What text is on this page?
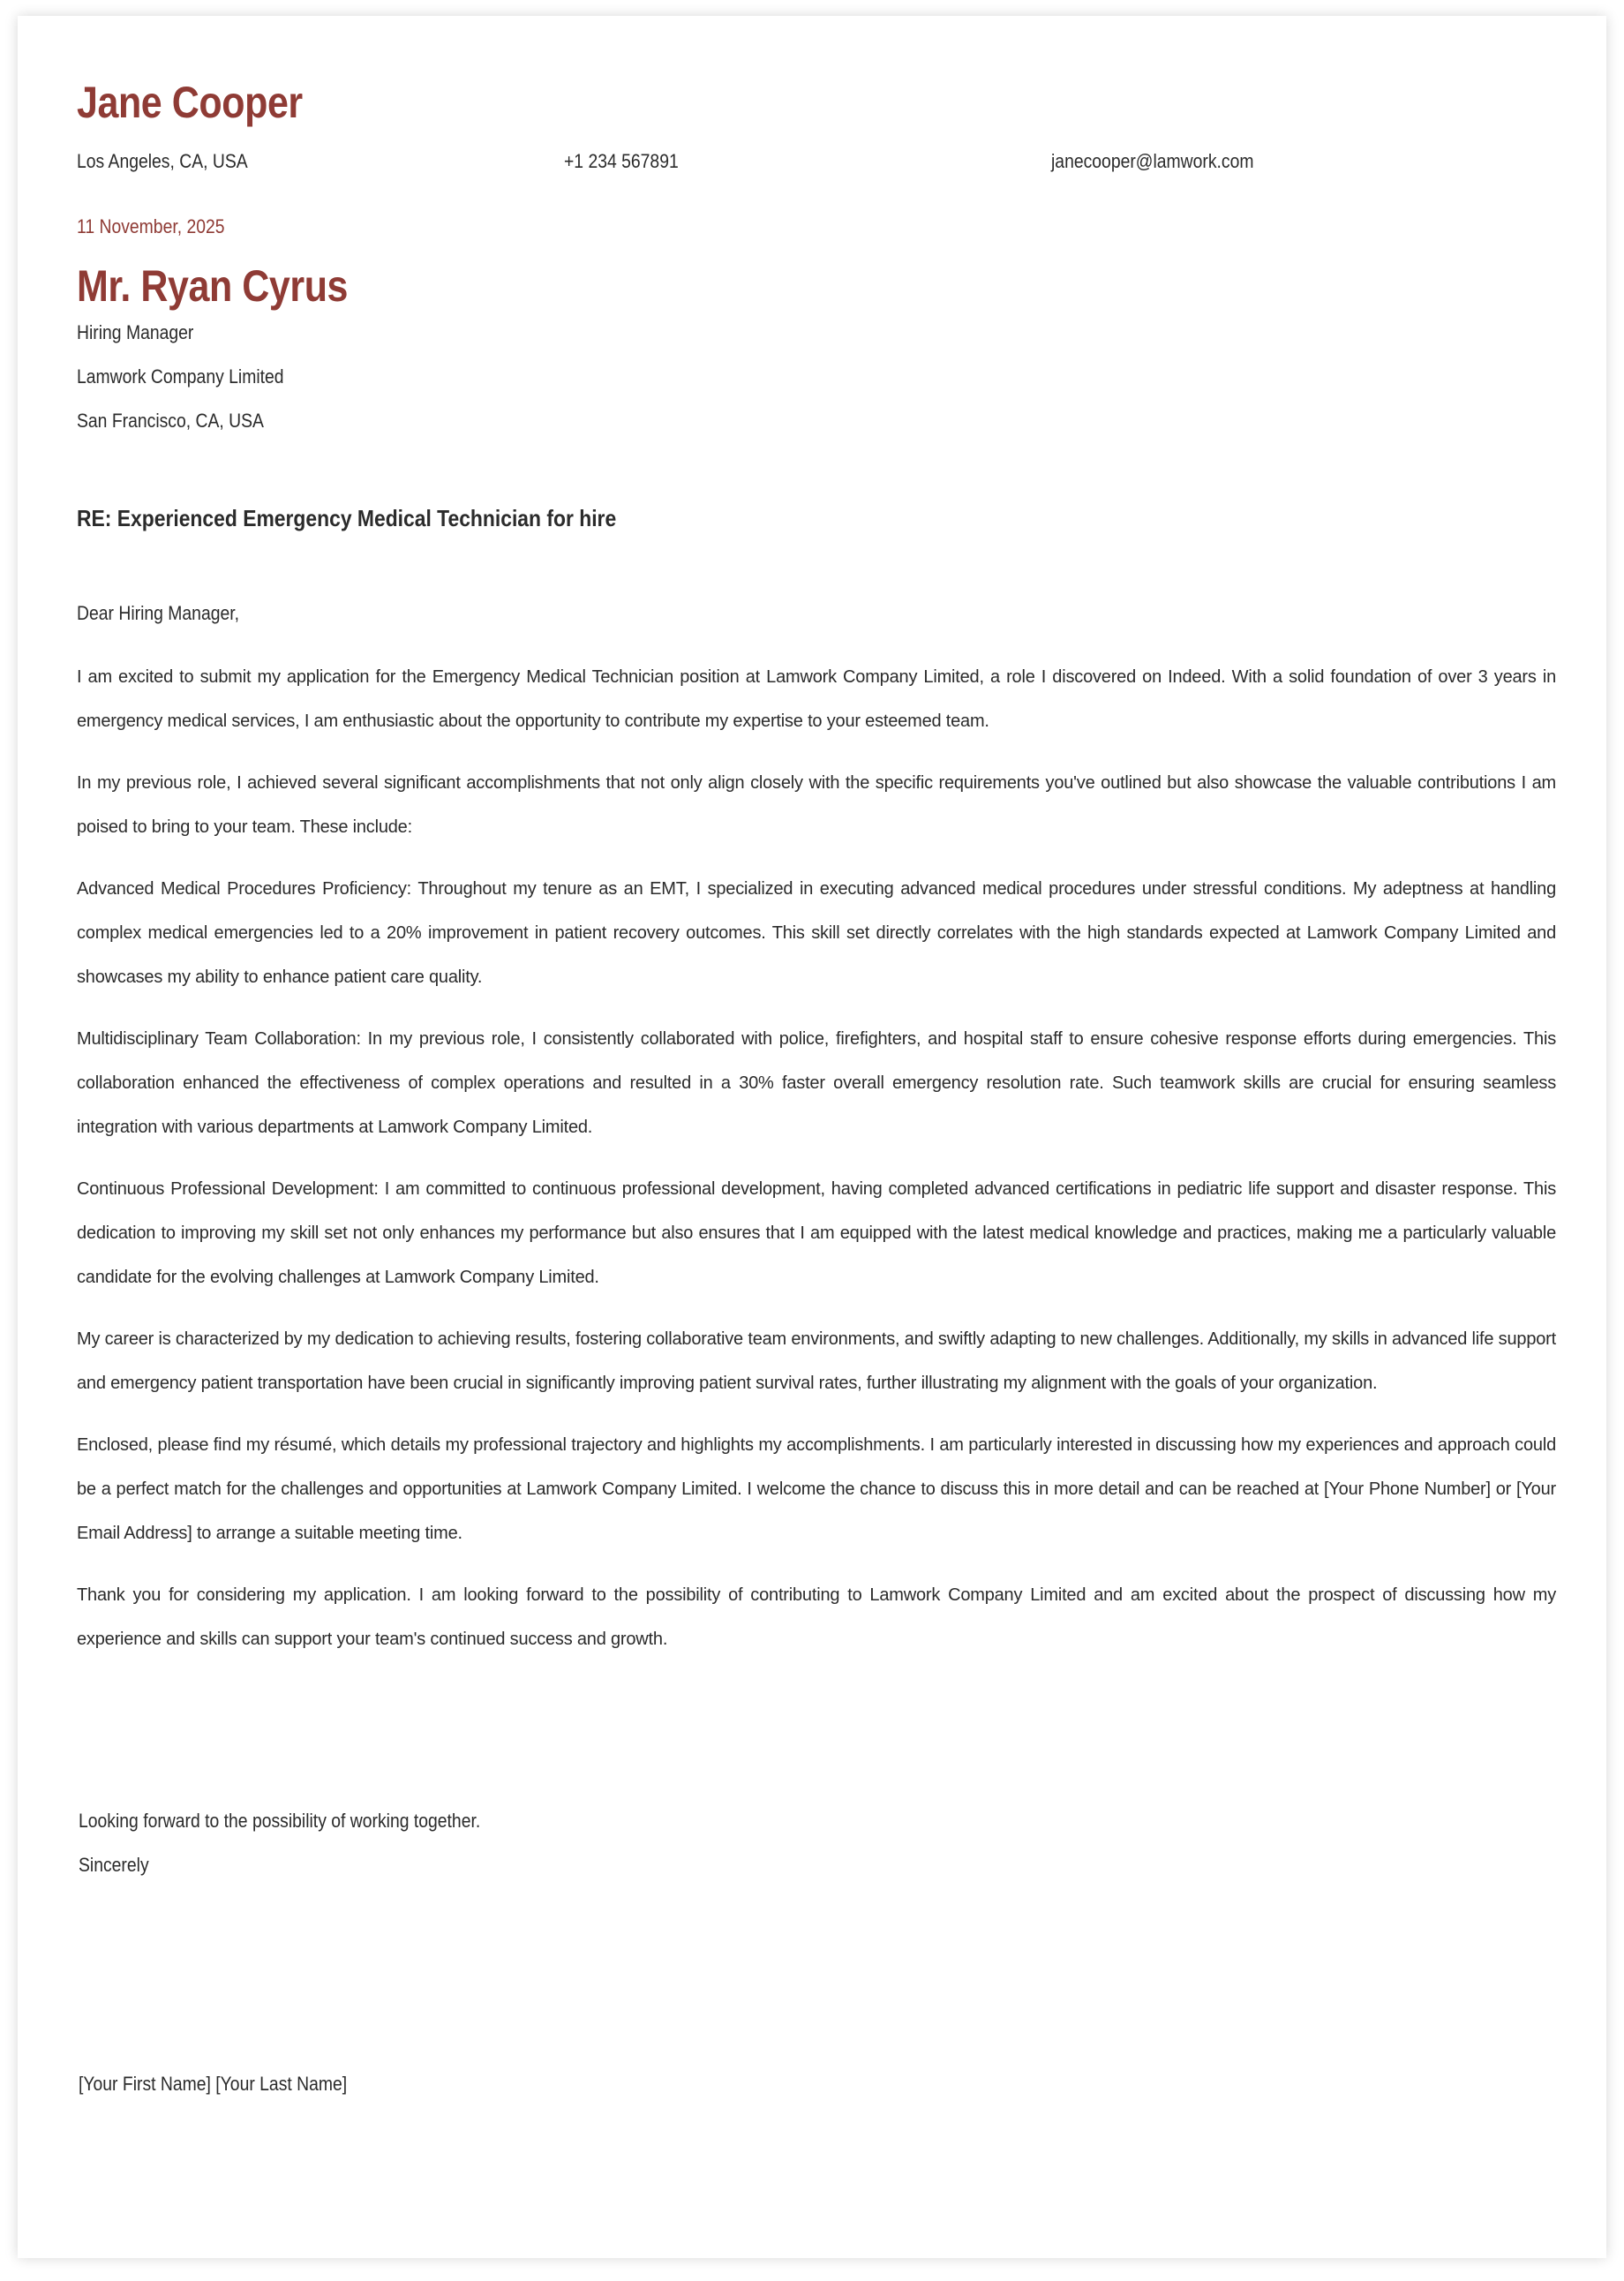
Jane Cooper
Los Angeles, CA, USA	+1 234 567891	janecooper@lamwork.com
11 November, 2025
Mr. Ryan Cyrus
Hiring Manager
Lamwork Company Limited
San Francisco, CA, USA
RE: Experienced Emergency Medical Technician for hire
Dear Hiring Manager,

I am excited to submit my application for the Emergency Medical Technician position at Lamwork Company Limited, a role I discovered on Indeed. With a solid foundation of over 3 years in emergency medical services, I am enthusiastic about the opportunity to contribute my expertise to your esteemed team.

In my previous role, I achieved several significant accomplishments that not only align closely with the specific requirements you've outlined but also showcase the valuable contributions I am poised to bring to your team. These include:

Advanced Medical Procedures Proficiency: Throughout my tenure as an EMT, I specialized in executing advanced medical procedures under stressful conditions. My adeptness at handling complex medical emergencies led to a 20% improvement in patient recovery outcomes. This skill set directly correlates with the high standards expected at Lamwork Company Limited and showcases my ability to enhance patient care quality.

Multidisciplinary Team Collaboration: In my previous role, I consistently collaborated with police, firefighters, and hospital staff to ensure cohesive response efforts during emergencies. This collaboration enhanced the effectiveness of complex operations and resulted in a 30% faster overall emergency resolution rate. Such teamwork skills are crucial for ensuring seamless integration with various departments at Lamwork Company Limited.

Continuous Professional Development: I am committed to continuous professional development, having completed advanced certifications in pediatric life support and disaster response. This dedication to improving my skill set not only enhances my performance but also ensures that I am equipped with the latest medical knowledge and practices, making me a particularly valuable candidate for the evolving challenges at Lamwork Company Limited.

My career is characterized by my dedication to achieving results, fostering collaborative team environments, and swiftly adapting to new challenges. Additionally, my skills in advanced life support and emergency patient transportation have been crucial in significantly improving patient survival rates, further illustrating my alignment with the goals of your organization.

Enclosed, please find my résumé, which details my professional trajectory and highlights my accomplishments. I am particularly interested in discussing how my experiences and approach could be a perfect match for the challenges and opportunities at Lamwork Company Limited. I welcome the chance to discuss this in more detail and can be reached at [Your Phone Number] or [Your Email Address] to arrange a suitable meeting time.

Thank you for considering my application. I am looking forward to the possibility of contributing to Lamwork Company Limited and am excited about the prospect of discussing how my experience and skills can support your team's continued success and growth.

Looking forward to the possibility of working together.
Sincerely
[Your First Name] [Your Last Name]
